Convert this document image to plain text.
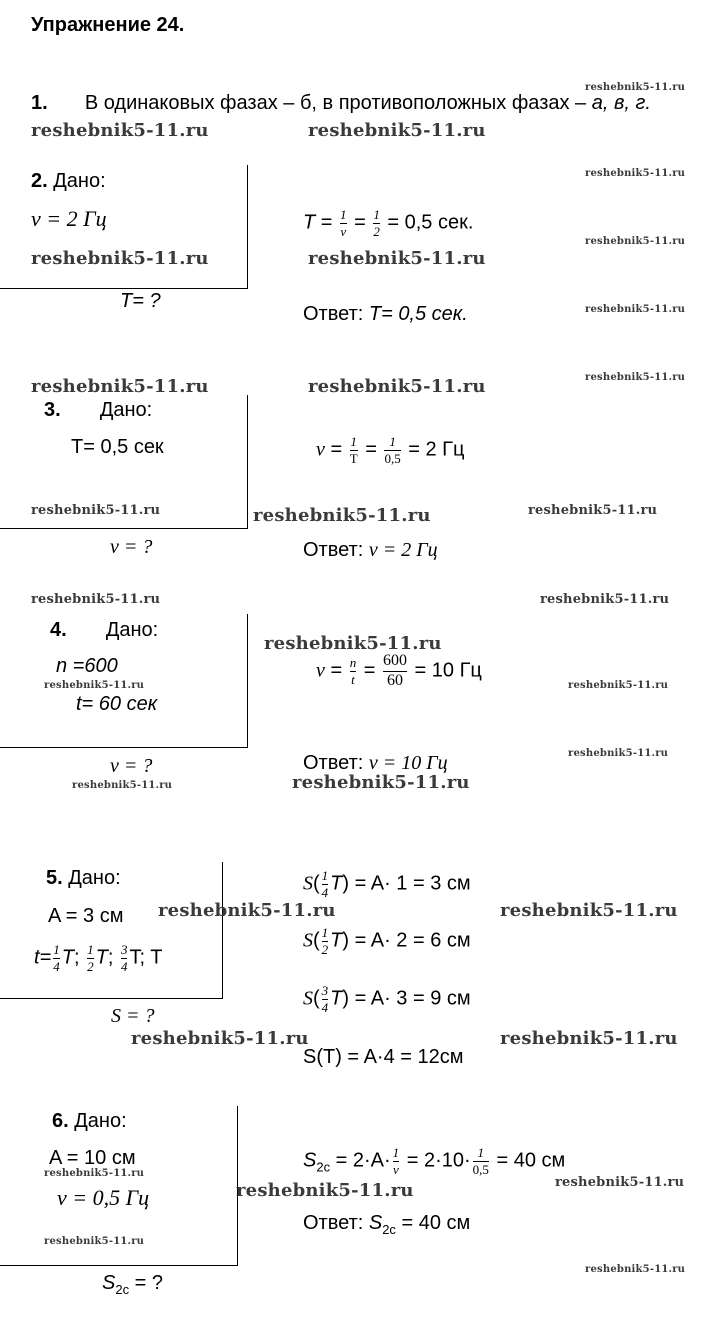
Упражнение 24.
1. В одинаковых фазах – б, в противоположных фазах – а, в, г.
2. Дано:
ν = 2 Гц
T= ?
$T = \frac{1}{\nu} = \frac{1}{2} = 0,5$ сек.
Ответ: T= 0,5 сек.
3. Дано:
T= 0,5 сек
ν = ?
$\nu = \frac{1}{T} = \frac{1}{0,5} = 2$ Гц
Ответ: ν = 2 Гц
4. Дано:
n =600
t= 60 сек
ν = ?
$\nu = \frac{n}{t} = \frac{600}{60} = 10$ Гц
Ответ: ν = 10 Гц
5. Дано:
A = 3 см
$t= \frac{1}{4} T$; $\frac{1}{2} T$; $\frac{3}{4} T$; T
S = ?
$S( \frac{1}{4} T) = A\cdot 1 = 3$ см
$S( \frac{1}{2} T) = A\cdot 2 = 6$ см
$S( \frac{3}{4} T) = A\cdot 3 = 9$ см
S(T) = A·4 = 12см
6. Дано:
A = 10 см
ν = 0,5 Гц
$S_{2c}$ = ?
$S_{2c} = 2\cdot A\cdot \frac{1}{\nu} = 2\cdot 10\cdot \frac{1}{0,5} = 40$ см
Ответ: $S_{2c} = 40$ см
reshebnik5-11.ru
reshebnik5-11.ru	reshebnik5-11.ru
reshebnik5-11.ru
reshebnik5-11.ru
reshebnik5-11.ru	reshebnik5-11.ru
reshebnik5-11.ru
reshebnik5-11.ru
reshebnik5-11.ru	reshebnik5-11.ru
reshebnik5-11.ru	reshebnik5-11.ru	reshebnik5-11.ru
reshebnik5-11.ru	reshebnik5-11.ru
reshebnik5-11.ru
reshebnik5-11.ru	reshebnik5-11.ru
reshebnik5-11.ru
reshebnik5-11.ru
reshebnik5-11.ru
reshebnik5-11.ru	reshebnik5-11.ru
reshebnik5-11.ru	reshebnik5-11.ru
reshebnik5-11.ru
reshebnik5-11.ru	reshebnik5-11.ru
reshebnik5-11.ru
reshebnik5-11.ru
